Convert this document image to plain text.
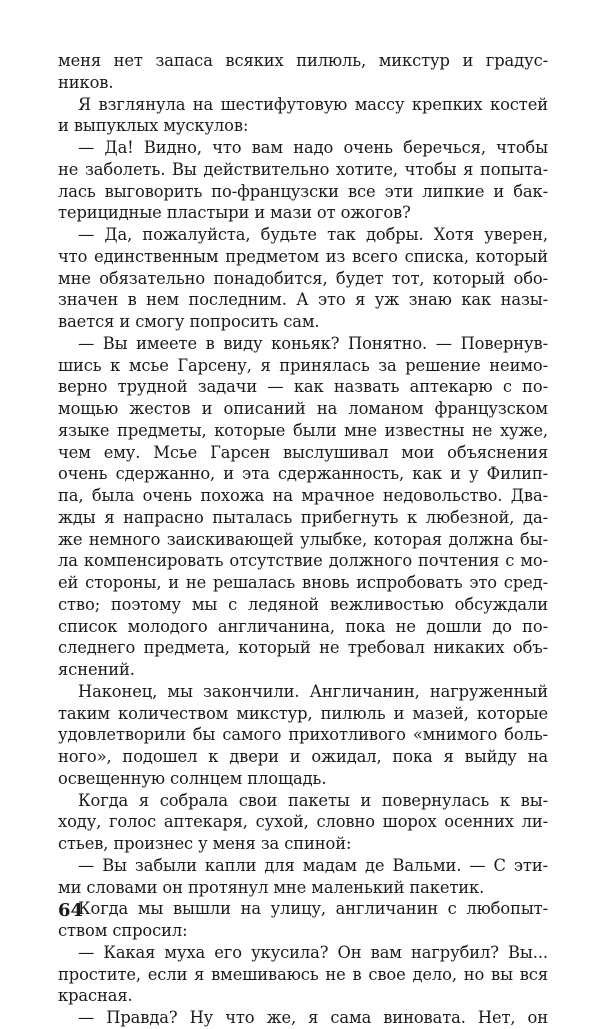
меня нет запаса всяких пилюль, микстур и градус-
ников.
Я взглянула на шестифутовую массу крепких костей
и выпуклых мускулов:
— Да! Видно, что вам надо очень беречься, чтобы
не заболеть. Вы действительно хотите, чтобы я попыта-
лась выговорить по-французски все эти липкие и бак-
терицидные пластыри и мази от ожогов?
— Да, пожалуйста, будьте так добры. Хотя уверен,
что единственным предметом из всего списка, который
мне обязательно понадобится, будет тот, который обо-
значен в нем последним. А это я уж знаю как назы-
вается и смогу попросить сам.
— Вы имеете в виду коньяк? Понятно. — Повернув-
шись к мсье Гарсену, я принялась за решение неимо-
верно трудной задачи — как назвать аптекарю с по-
мощью жестов и описаний на ломаном французском
языке предметы, которые были мне известны не хуже,
чем ему. Мсье Гарсен выслушивал мои объяснения
очень сдержанно, и эта сдержанность, как и у Филип-
па, была очень похожа на мрачное недовольство. Два-
жды я напрасно пыталась прибегнуть к любезной, да-
же немного заискивающей улыбке, которая должна бы-
ла компенсировать отсутствие должного почтения с мо-
ей стороны, и не решалась вновь испробовать это сред-
ство; поэтому мы с ледяной вежливостью обсуждали
список молодого англичанина, пока не дошли до по-
следнего предмета, который не требовал никаких объ-
яснений.
Наконец, мы закончили. Англичанин, нагруженный
таким количеством микстур, пилюль и мазей, которые
удовлетворили бы самого прихотливого «мнимого боль-
ного», подошел к двери и ожидал, пока я выйду на
освещенную солнцем площадь.
Когда я собрала свои пакеты и повернулась к вы-
ходу, голос аптекаря, сухой, словно шорох осенних ли-
стьев, произнес у меня за спиной:
— Вы забыли капли для мадам де Вальми. — С эти-
ми словами он протянул мне маленький пакетик.
Когда мы вышли на улицу, англичанин с любопыт-
ством спросил:
— Какая муха его укусила? Он вам нагрубил? Вы...
простите, если я вмешиваюсь не в свое дело, но вы вся
красная.
— Правда? Ну что же, я сама виновата. Нет, он
64
